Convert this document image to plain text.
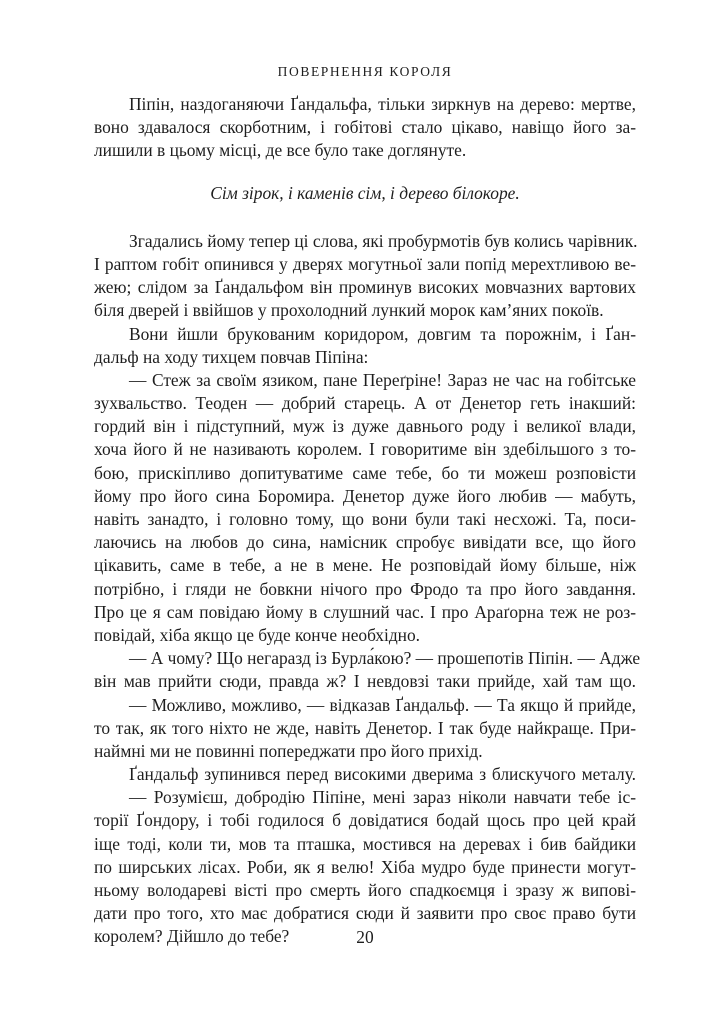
ПОВЕРНЕННЯ КОРОЛЯ
Піпін, наздоганяючи Ґандальфа, тільки зиркнув на дерево: мертве,
воно здавалося скорботним, і гобітові стало цікаво, навіщо його за-
лишили в цьому місці, де все було таке доглянуте.
Сім зірок, і каменів сім, і дерево білокоре.
Згадались йому тепер ці слова, які пробурмотів був колись чарівник.
І раптом гобіт опинився у дверях могутньої зали попід мерехтливою ве-
жею; слідом за Ґандальфом він проминув високих мовчазних вартових
біля дверей і ввійшов у прохолодний лункий морок кам’яних покоїв.
Вони йшли брукованим коридором, довгим та порожнім, і Ґан-
дальф на ходу тихцем повчав Піпіна:
— Стеж за своїм язиком, пане Переґріне! Зараз не час на гобітське
зухвальство. Теоден — добрий старець. А от Денетор геть інакший:
гордий він і підступний, муж із дуже давнього роду і великої влади,
хоча його й не називають королем. І говоритиме він здебільшого з то-
бою, прискіпливо допитуватиме саме тебе, бо ти можеш розповісти
йому про його сина Боромира. Денетор дуже його любив — мабуть,
навіть занадто, і головно тому, що вони були такі несхожі. Та, поси-
лаючись на любов до сина, намісник спробує вивідати все, що його
цікавить, саме в тебе, а не в мене. Не розповідай йому більше, ніж
потрібно, і гляди не бовкни нічого про Фродо та про його завдання.
Про це я сам повідаю йому в слушний час. І про Араґорна теж не роз-
повідай, хіба якщо це буде конче необхідно.
— А чому? Що негаразд із Бурла́кою? — прошепотів Піпін. — Адже
він мав прийти сюди, правда ж? І невдовзі таки прийде, хай там що.
— Можливо, можливо, — відказав Ґандальф. — Та якщо й прийде,
то так, як того ніхто не жде, навіть Денетор. І так буде найкраще. При-
наймні ми не повинні попереджати про його прихід.
Ґандальф зупинився перед високими дверима з блискучого металу.
— Розумієш, добродію Піпіне, мені зараз ніколи навчати тебе іс-
торії Ґондору, і тобі годилося б довідатися бодай щось про цей край
іще тоді, коли ти, мов та пташка, мостився на деревах і бив байдики
по ширських лісах. Роби, як я велю! Хіба мудро буде принести могут-
ньому володареві вісті про смерть його спадкоємця і зразу ж випові-
дати про того, хто має добратися сюди й заявити про своє право бути
королем? Дійшло до тебе?	20
